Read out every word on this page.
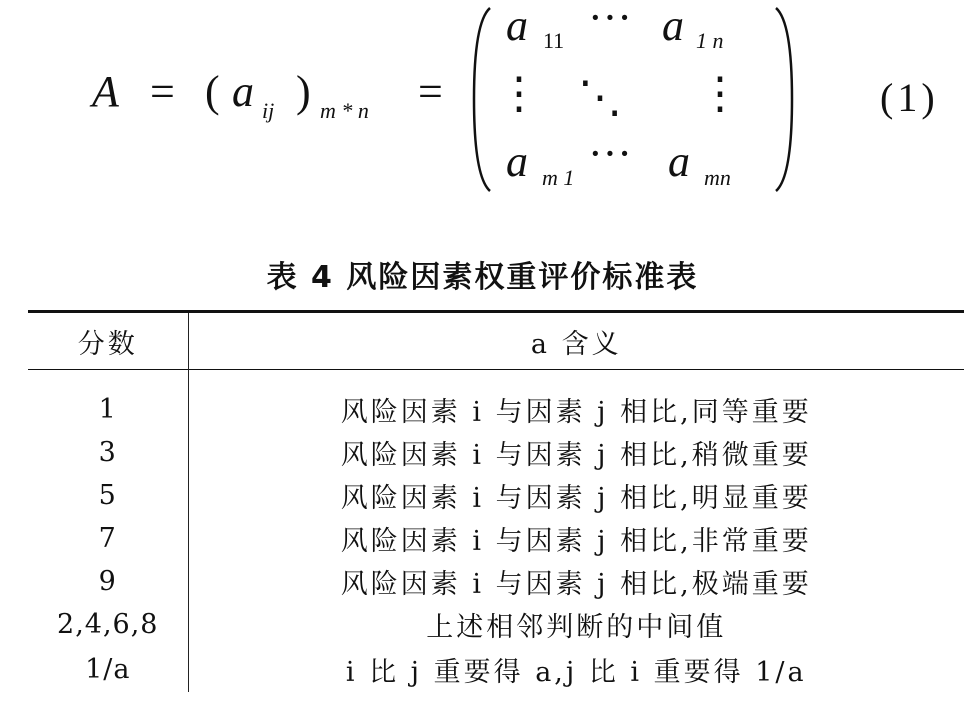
A = ( a ij ) m * n =
a 11 ··· a 1 n
⋮ ⋱ ⋮
a m 1 ··· a mn
(1)
表 4 风险因素权重评价标准表
分数	a 含义
1	风险因素 i 与因素 j 相比,同等重要
3	风险因素 i 与因素 j 相比,稍微重要
5	风险因素 i 与因素 j 相比,明显重要
7	风险因素 i 与因素 j 相比,非常重要
9	风险因素 i 与因素 j 相比,极端重要
2,4,6,8	上述相邻判断的中间值
1/a	i 比 j 重要得 a,j 比 i 重要得 1/a
